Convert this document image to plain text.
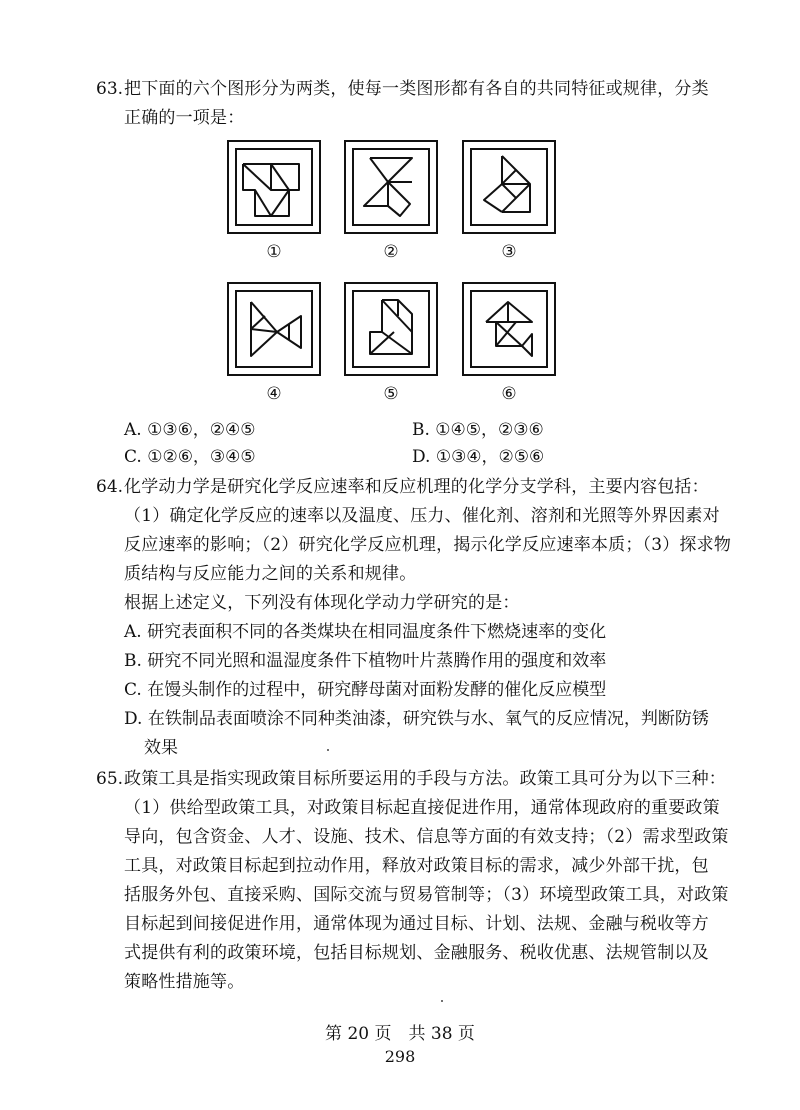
63. 把下面的六个图形分为两类，使每一类图形都有各自的共同特征或规律，分类
正确的一项是：
①	②	③
④	⑤	⑥
A. ①③⑥，②④⑤	B. ①④⑤，②③⑥
C. ①②⑥，③④⑤	D. ①③④，②⑤⑥
64. 化学动力学是研究化学反应速率和反应机理的化学分支学科，主要内容包括：
（1）确定化学反应的速率以及温度、压力、催化剂、溶剂和光照等外界因素对
反应速率的影响；（2）研究化学反应机理，揭示化学反应速率本质；（3）探求物
质结构与反应能力之间的关系和规律。
根据上述定义，下列没有体现化学动力学研究的是：
A. 研究表面积不同的各类煤块在相同温度条件下燃烧速率的变化
B. 研究不同光照和温湿度条件下植物叶片蒸腾作用的强度和效率
C. 在馒头制作的过程中，研究酵母菌对面粉发酵的催化反应模型
D. 在铁制品表面喷涂不同种类油漆，研究铁与水、氧气的反应情况，判断防锈
效果
65. 政策工具是指实现政策目标所要运用的手段与方法。政策工具可分为以下三种：
（1）供给型政策工具，对政策目标起直接促进作用，通常体现政府的重要政策
导向，包含资金、人才、设施、技术、信息等方面的有效支持；（2）需求型政策
工具，对政策目标起到拉动作用，释放对政策目标的需求，减少外部干扰，包
括服务外包、直接采购、国际交流与贸易管制等；（3）环境型政策工具，对政策
目标起到间接促进作用，通常体现为通过目标、计划、法规、金融与税收等方
式提供有利的政策环境，包括目标规划、金融服务、税收优惠、法规管制以及
策略性措施等。
第 20 页　共 38 页
298
